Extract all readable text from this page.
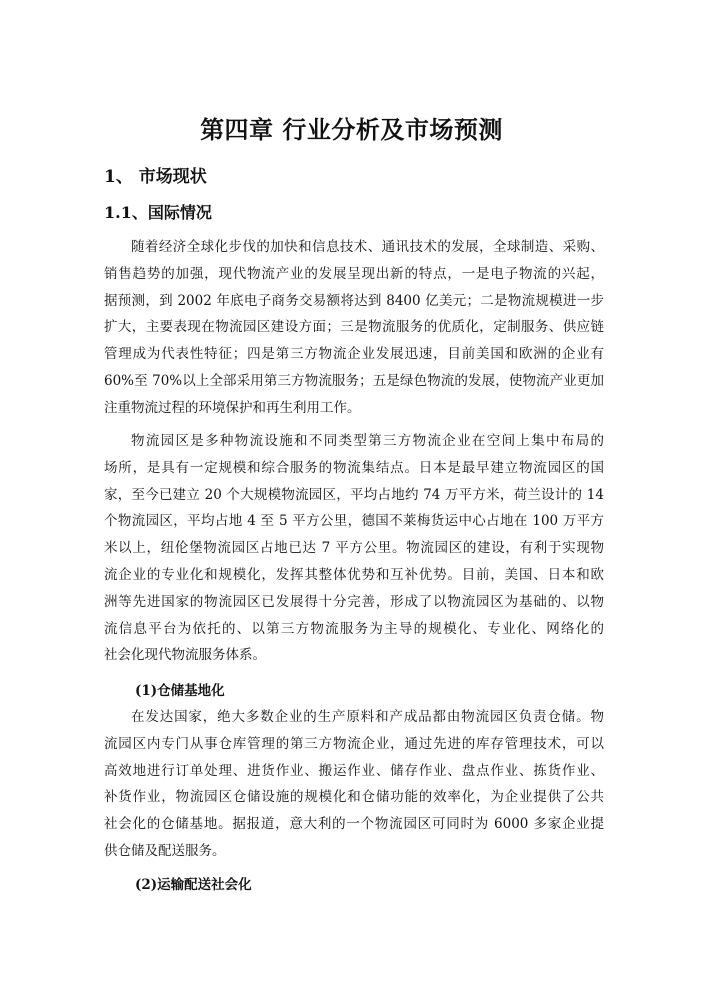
第四章 行业分析及市场预测
1、 市场现状
1.1、国际情况
随着经济全球化步伐的加快和信息技术、通讯技术的发展，全球制造、采购、
销售趋势的加强，现代物流产业的发展呈现出新的特点，一是电子物流的兴起，
据预测，到 2002 年底电子商务交易额将达到 8400 亿美元；二是物流规模进一步
扩大，主要表现在物流园区建设方面；三是物流服务的优质化，定制服务、供应链
管理成为代表性特征；四是第三方物流企业发展迅速，目前美国和欧洲的企业有
60%至 70%以上全部采用第三方物流服务；五是绿色物流的发展，使物流产业更加
注重物流过程的环境保护和再生利用工作。
物流园区是多种物流设施和不同类型第三方物流企业在空间上集中布局的
场所，是具有一定规模和综合服务的物流集结点。日本是最早建立物流园区的国
家，至今已建立 20 个大规模物流园区，平均占地约 74 万平方米，荷兰设计的 14
个物流园区，平均占地 4 至 5 平方公里，德国不莱梅货运中心占地在 100 万平方
米以上，纽伦堡物流园区占地已达 7 平方公里。物流园区的建设，有利于实现物
流企业的专业化和规模化，发挥其整体优势和互补优势。目前，美国、日本和欧
洲等先进国家的物流园区已发展得十分完善，形成了以物流园区为基础的、以物
流信息平台为依托的、以第三方物流服务为主导的规模化、专业化、网络化的
社会化现代物流服务体系。
(1)仓储基地化
在发达国家，绝大多数企业的生产原料和产成品都由物流园区负责仓储。物
流园区内专门从事仓库管理的第三方物流企业，通过先进的库存管理技术，可以
高效地进行订单处理、进货作业、搬运作业、储存作业、盘点作业、拣货作业、
补货作业，物流园区仓储设施的规模化和仓储功能的效率化，为企业提供了公共
社会化的仓储基地。据报道，意大利的一个物流园区可同时为 6000 多家企业提
供仓储及配送服务。
(2)运输配送社会化
